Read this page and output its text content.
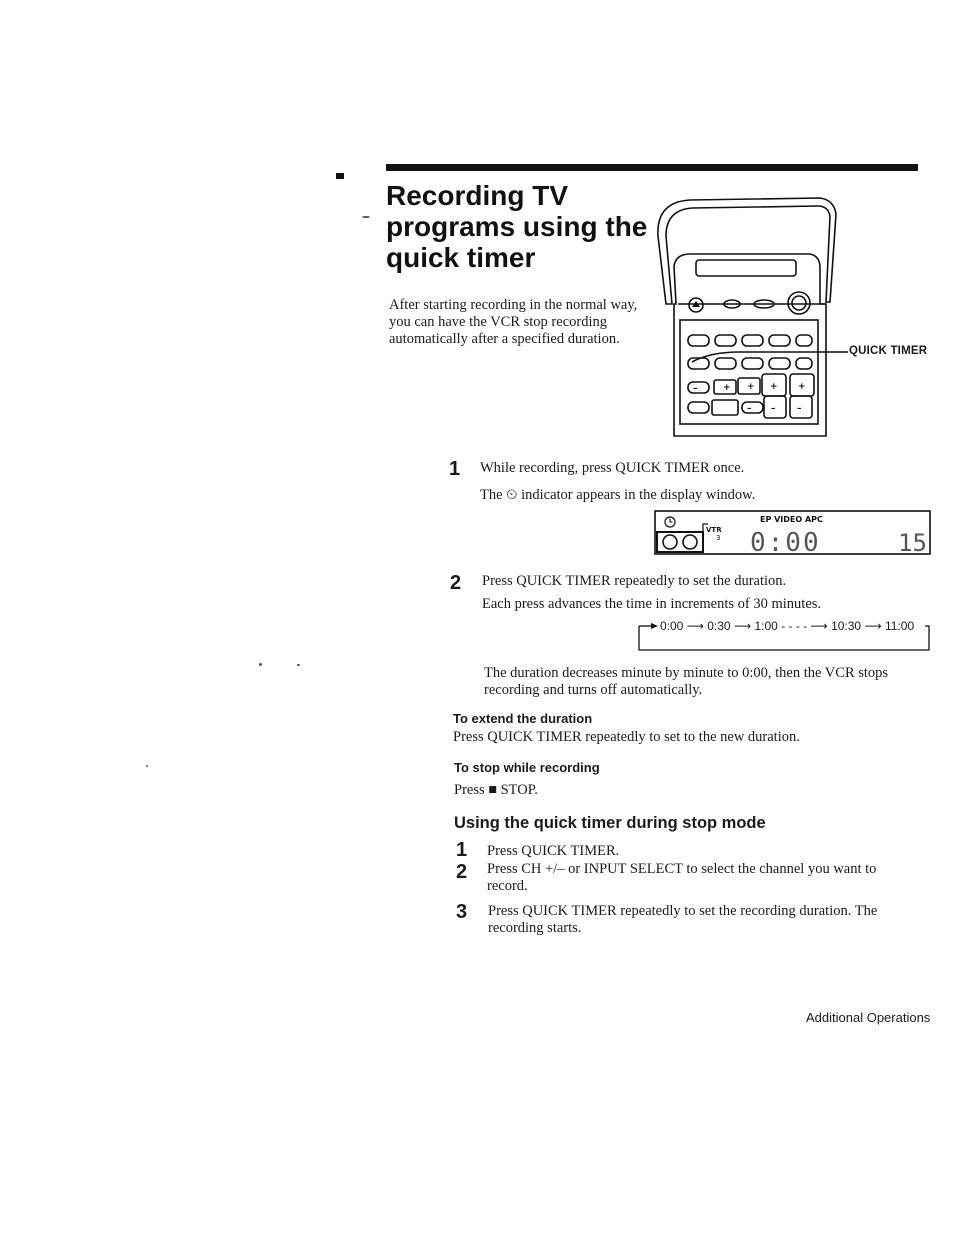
Recording TV programs using the quick timer

After starting recording in the normal way, you can have the VCR stop recording automatically after a specified duration.

–	+ + + +
– – –
QUICK TIMER
1 While recording, press QUICK TIMER once.
The ⏲ indicator appears in the display window.
VTR
3
EP VIDEO APC
0:00	15
2 Press QUICK TIMER repeatedly to set the duration.
Each press advances the time in increments of 30 minutes.
0:00 ⟶ 0:30 ⟶ 1:00 - - - - ⟶ 10:30 ⟶ 11:00
The duration decreases minute by minute to 0:00, then the VCR stops recording and turns off automatically.
To extend the duration
Press QUICK TIMER repeatedly to set to the new duration.
To stop while recording
Press ■ STOP.
Using the quick timer during stop mode
1 Press QUICK TIMER.
2 Press CH +/– or INPUT SELECT to select the channel you want to record.
3 Press QUICK TIMER repeatedly to set the recording duration. The recording starts.
Additional Operations
